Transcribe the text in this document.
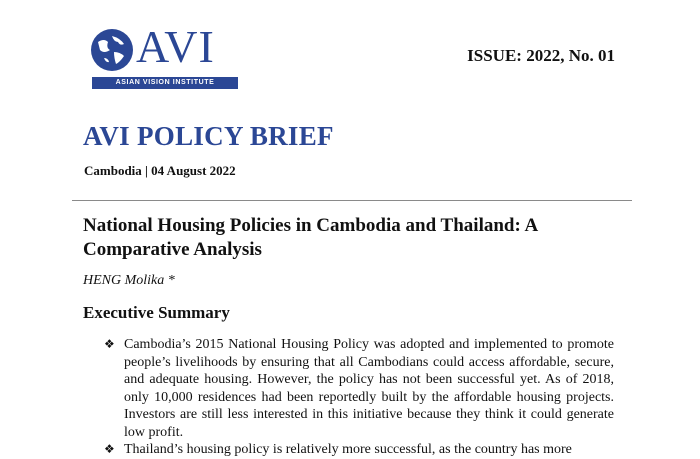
AVI
ASIAN VISION INSTITUTE
ISSUE: 2022, No. 01
AVI POLICY BRIEF
Cambodia | 04 August 2022
National Housing Policies in Cambodia and Thailand: A Comparative Analysis
HENG Molika *
Executive Summary
❖ Cambodia’s 2015 National Housing Policy was adopted and implemented to promote people’s livelihoods by ensuring that all Cambodians could access affordable, secure, and adequate housing. However, the policy has not been successful yet. As of 2018, only 10,000 residences had been reportedly built by the affordable housing projects. Investors are still less interested in this initiative because they think it could generate low profit.
❖ Thailand’s housing policy is relatively more successful, as the country has more
